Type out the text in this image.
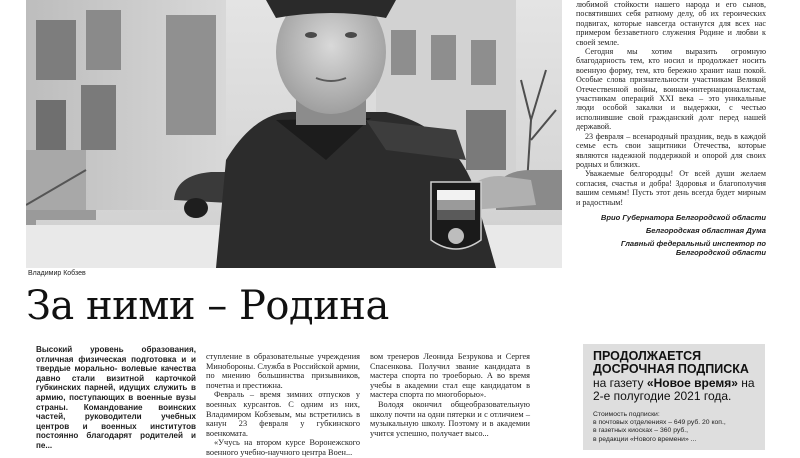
Владимир Кобзев

любимой стойкости нашего народа и его сынов, посвятивших себя ратному делу, об их героических подвигах, которые навсегда останутся для всех нас примером беззаветного служения Родине и любви к своей земле.

Сегодня мы хотим выразить огромную благодарность тем, кто носил и продолжает носить военную форму, тем, кто бережно хранит наш покой. Особые слова признательности участникам Великой Отечественной войны, воинам-интернационалистам, участникам операций XXI века – это уникальные люди особой закалки и выдержки, с честью исполнившие свой гражданский долг перед нашей державой.

23 февраля – всенародный праздник, ведь в каждой семье есть свои защитники Отечества, которые являются надежной поддержкой и опорой для своих родных и близких.

Уважаемые белгородцы! От всей души желаем согласия, счастья и добра! Здоровья и благополучия вашим семьям! Пусть этот день всегда будет мирным и радостным!

Врио Губернатора Белгородской области
Белгородская областная Дума
Главный федеральный инспектор по Белгородской области
За ними – Родина

Высокий уровень образования, отличная физическая подготовка и и твердые морально- волевые качества давно стали визитной карточкой губкинских парней, идущих служить в армию, поступающих в военные вузы страны. Командование воинских частей, руководители учебных центров и военных институтов постоянно благодарят родителей и пе...

ступление в образовательные учреждения Минобороны. Служба в Российской армии, по мнению большинства призывников, почетна и престижна.

Февраль – время зимних отпусков у военных курсантов. С одним из них, Владимиром Кобзевым, мы встретились в канун 23 февраля у губкинского военкомата.

«Учусь на втором курсе Воронежского военного учебно-научного центра Воен...

вом тренеров Леонида Безрукова и Сергея Спасенкова. Получил звание кандидата в мастера спорта по троеборью. А во время учебы в академии стал еще кандидатом в мастера спорта по многоборью».

Володя окончил общеобразовательную школу почти на одни пятерки и с отличием – музыкальную школу. Поэтому и в академии учится успешно, получает высо...

ПРОДОЛЖАЕТСЯ ДОСРОЧНАЯ ПОДПИСКА
на газету «Новое время» на 2-е полугодие 2021 года.
Стоимость подписки:
в почтовых отделениях – 649 руб. 20 коп.,
в газетных киосках – 360 руб.,
в редакции «Нового времени» ...
